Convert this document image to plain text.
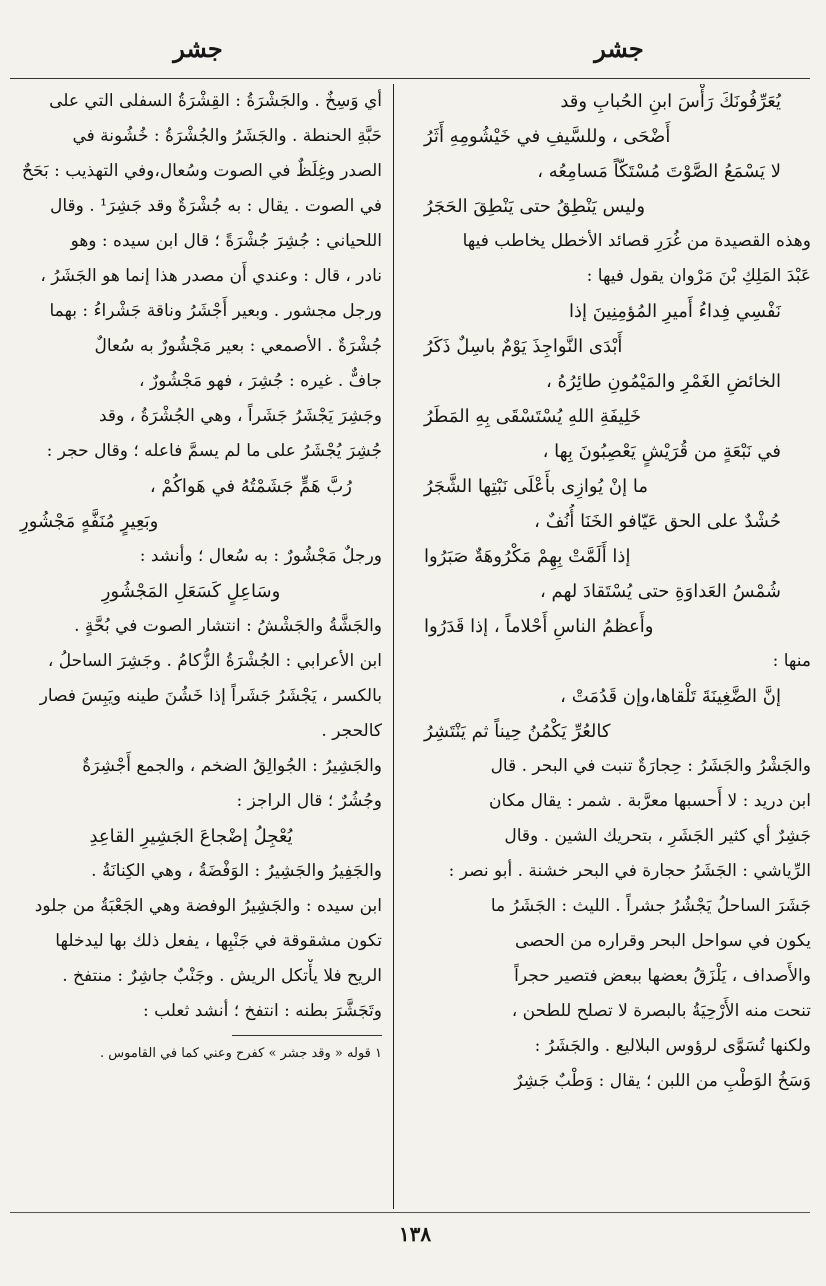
جشر
جشر
يُعَرِّفُونَكَ رَأْسَ ابنِ الحُبابِ وقد
أَضْحَى ، وللسَّيفِ في خَيْشُومِهِ أَثَرُ
لا يَسْمَعُ الصَّوْتَ مُسْتَكّاً مَسامِعُه ،
وليس يَنْطِقُ حتى يَنْطِقَ الحَجَرُ
وهذه القصيدة من غُرَرِ قصائد الأخطل يخاطب فيها
عَبْدَ المَلِكِ بْنَ مَرْوان يقول فيها :
نَفْسِي فِداءُ أَميرِ المُؤمِنِينَ إذا
أَبْدَى النَّواجِذَ يَوْمٌ باسِلٌ ذَكَرُ
الخائضِ الغَمْرِ والمَيْمُونِ طائِرُهُ ،
خَلِيفَةِ اللهِ يُسْتَسْقَى بِهِ المَطَرُ
في نَبْعَةٍ من قُرَيْشٍ يَعْصِبُونَ بِها ،
ما إنْ يُوازِى بأَعْلَى نَبْتِها الشَّجَرُ
حُشْدٌ على الحق عَيّافو الخَنَا أُنُفٌ ،
إذا أَلَمَّتْ بِهِمْ مَكْرُوهَةٌ صَبَرُوا
شُمْسُ العَداوَةِ حتى يُسْتَقادَ لهم ،
وأَعظمُ الناسِ أَحْلاماً ، إذا قَدَرُوا
منها :
إنَّ الضَّغِينَةَ تَلْقاها،وإن قَدُمَتْ ،
كالعُرِّ يَكْمُنُ حِيناً ثم يَنْتَشِرُ
والجَشْرُ والجَشَرُ : حِجارَةٌ تنبت في البحر . قال
ابن دريد : لا أَحسبها معرَّبة . شمر : يقال مكان
جَشِرٌ أي كثير الجَشَرِ ، بتحريك الشين . وقال
الرِّياشي : الجَشَرُ حجارة في البحر خشنة . أبو نصر :
جَشَرَ الساحلُ يَجْشُرُ جشراً . الليث : الجَشَرُ ما
يكون في سواحل البحر وقراره من الحصى
والأَصداف ، يَلْزَقُ بعضها ببعض فتصير حجراً
تنحت منه الأَرْحِيَةُ بالبصرة لا تصلح للطحن ،
ولكنها تُسَوَّى لرؤوس البلاليع . والجَشَرُ :
وَسَخُ الوَطْبِ من اللبن ؛ يقال : وَطْبٌ جَشِرٌ
أي وَسِخٌ . والجَشْرَةُ : القِشْرَةُ السفلى التي على
حَبَّةِ الحنطة . والجَشَرُ والجُشْرَةُ : خُشُونة في
الصدر وغِلَظٌ في الصوت وسُعال،وفي التهذيب : بَحَحٌ
في الصوت . يقال : به جُشْرَةٌ وقد جَشِرَ¹ . وقال
اللحياني : جُشِرَ جُشْرَةً ؛ قال ابن سيده : وهو
نادر ، قال : وعندي أَن مصدر هذا إنما هو الجَشَرُ ،
ورجل مجشور . وبعير أَجْشَرُ وناقة جَشْراءُ : بهما
جُشْرَةٌ . الأصمعي : بعير مَجْشُورٌ به سُعالٌ
جافٌّ . غيره : جُشِرَ ، فهو مَجْشُورٌ ،
وجَشِرَ يَجْشَرُ جَشَراً ، وهي الجُشْرَةُ ، وقد
جُشِرَ يُجْشَرُ على ما لم يسمَّ فاعله ؛ وقال حجر :
رُبَّ هَمٍّ جَشَمْتُهُ في هَواكُمْ ،
وبَعِيرٍ مُنَفَّهٍ مَجْشُورِ
ورجلٌ مَجْشُورٌ : به سُعال ؛ وأنشد :
وسَاعِلٍ كَسَعَلِ المَجْشُورِ
والجَشَّةُ والجَشْشُ : انتشار الصوت في بُحَّةٍ .
ابن الأعرابي : الجُشْرَةُ الزُّكامُ . وجَشِرَ الساحلُ ،
بالكسر ، يَجْشَرُ جَشَراً إذا خَشُنَ طينه ويَبِسَ فصار
كالحجر .
والجَشِيرُ : الجُوالِقُ الضخم ، والجمع أَجْشِرَةٌ
وجُشُرٌ ؛ قال الراجز :
يُعْجِلُ إضْجاعَ الجَشِيرِ القاعِدِ
والجَفِيرُ والجَشِيرُ : الوَفْضَةُ ، وهي الكِنانَةُ .
ابن سيده : والجَشِيرُ الوفضة وهي الجَعْبَةُ من جلود
تكون مشقوقة في جَنْبِها ، يفعل ذلك بها ليدخلها
الريح فلا يأْتكل الريش . وجَنْبٌ جاشِرٌ : منتفخ .
وتَجَشَّرَ بطنه : انتفخ ؛ أنشد ثعلب :
١ قوله « وقد جشر » كفرح وعني كما في القاموس .
١٣٨
